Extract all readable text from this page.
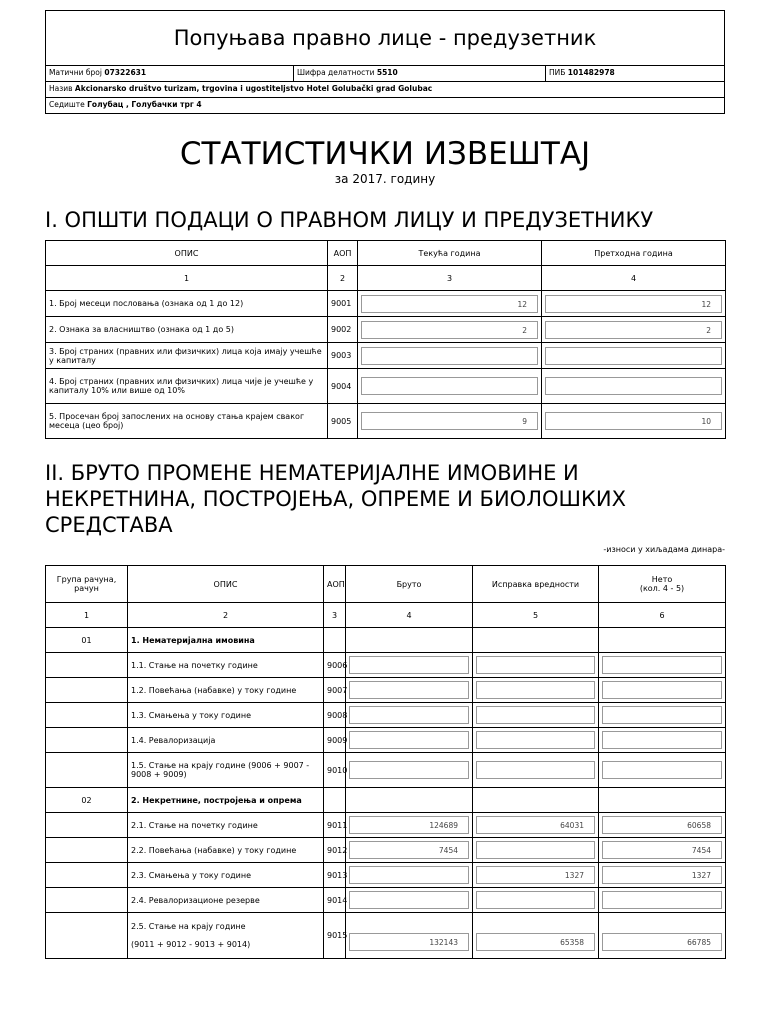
Попуњава правно лице - предузетник
Матични број 07322631	Шифра делатности 5510	ПИБ 101482978
Назив Akcionarsko društvo turizam, trgovina i ugostiteljstvo Hotel Golubački grad Golubac
Седиште Голубац , Голубачки трг 4
СТАТИСТИЧКИ ИЗВЕШТАЈ
за 2017. годину
I. ОПШТИ ПОДАЦИ О ПРАВНОМ ЛИЦУ И ПРЕДУЗЕТНИКУ
ОПИС	АОП	Текућа година	Претходна година
1	2	3	4
1. Број месеци пословања (ознака од 1 до 12)	9001	12	12

2. Ознака за власништво (ознака од 1 до 5)	9002	2	2

3. Број страних (правних или физичких) лица која имају учешће у капиталу	9003	

4. Број страних (правних или физичких) лица чије је учешће у капиталу 10% или више од 10%	9004	

5. Просечан број запослених на основу стања крајем сваког месеца (цео број)	9005	9	10
II. БРУТО ПРОМЕНЕ НЕМАТЕРИЈАЛНЕ ИМОВИНЕ И НЕКРЕТНИНА, ПОСТРОЈЕЊА, ОПРЕМЕ И БИОЛОШКИХ СРЕДСТАВА
-износи у хиљадама динара-
Група рачуна, рачун	ОПИС	АОП	Бруто	Исправка вредности	Нето
(кол. 4 - 5)

1	2	3	4	5	6
01	1. Нематеријална имовина				
	1.1. Стање на почетку године	9006	

	1.2. Повећања (набавке) у току године	9007	

	1.3. Смањења у току године	9008	

	1.4. Ревалоризација	9009	

	1.5. Стање на крају године (9006 + 9007 - 9008 + 9009)	9010	

02	2. Некретнине, постројења и опрема				
	2.1. Стање на почетку године	9011	124689	64031	60658

	2.2. Повећања (набавке) у току године	9012	7454		7454

	2.3. Смањења у току године	9013		1327	1327

	2.4. Ревалоризационе резерве	9014	

	2.5. Стање на крају године
(9011 + 9012 - 9013 + 9014)	9015	132143	65358	66785
